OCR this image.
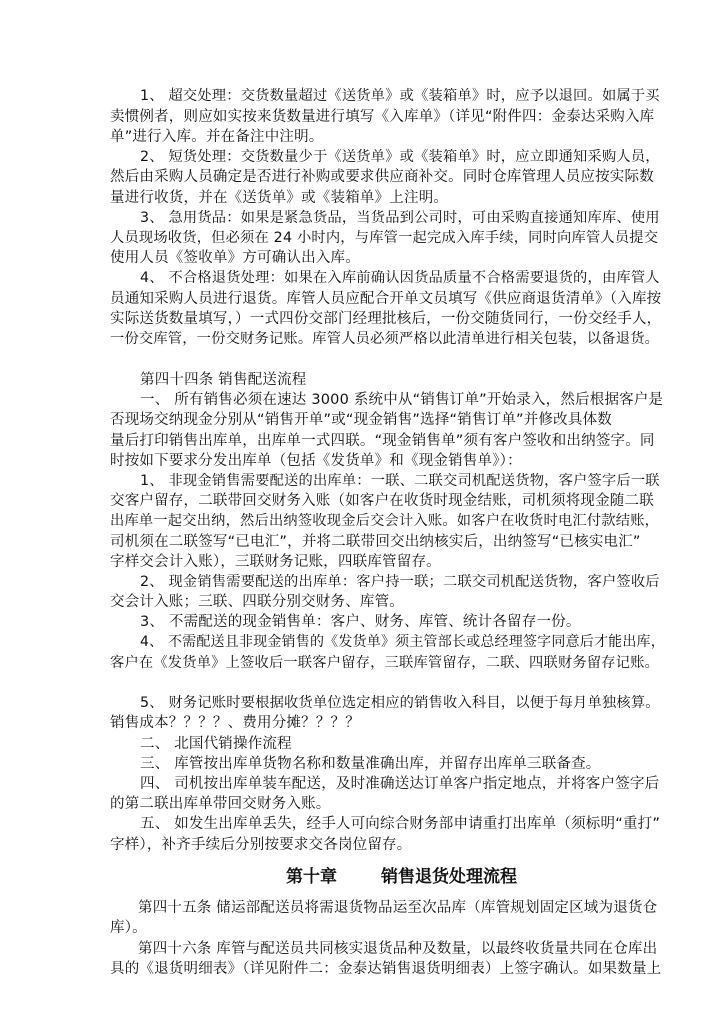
1、 超交处理：交货数量超过《送货单》或《装箱单》时，应予以退回。如属于买

卖惯例者，则应如实按来货数量进行填写《入库单》（详见“附件四：金泰达采购入库

单”进行入库。并在备注中注明。

2、 短货处理：交货数量少于《送货单》或《装箱单》时，应立即通知采购人员，

然后由采购人员确定是否进行补购或要求供应商补交。同时仓库管理人员应按实际数

量进行收货，并在《送货单》或《装箱单》上注明。

3、 急用货品：如果是紧急货品，当货品到公司时，可由采购直接通知库库、使用

人员现场收货，但必须在 24 小时内，与库管一起完成入库手续，同时向库管人员提交

使用人员《签收单》方可确认出入库。

4、 不合格退货处理：如果在入库前确认因货品质量不合格需要退货的，由库管人

员通知采购人员进行退货。库管人员应配合开单文员填写《供应商退货清单》（入库按

实际送货数量填写，）一式四份交部门经理批核后，一份交随货同行，一份交经手人，

一份交库管，一份交财务记账。库管人员必须严格以此清单进行相关包装，以备退货。

第四十四条 销售配送流程

一、 所有销售必须在速达 3000 系统中从“销售订单”开始录入，然后根据客户是

否现场交纳现金分别从“销售开单”或“现金销售”选择“销售订单”并修改具体数

量后打印销售出库单，出库单一式四联。“现金销售单”须有客户签收和出纳签字。同

时按如下要求分发出库单（包括《发货单》和《现金销售单》）：

1、 非现金销售需要配送的出库单：一联、二联交司机配送货物，客户签字后一联

交客户留存，二联带回交财务入账（如客户在收货时现金结账，司机须将现金随二联

出库单一起交出纳，然后出纳签收现金后交会计入账。如客户在收货时电汇付款结账，

司机须在二联签写“已电汇”，并将二联带回交出纳核实后，出纳签写“已核实电汇”

字样交会计入账），三联财务记账，四联库管留存。

2、 现金销售需要配送的出库单：客户持一联；二联交司机配送货物，客户签收后

交会计入账；三联、四联分别交财务、库管。

3、 不需配送的现金销售单：客户、财务、库管、统计各留存一份。

4、 不需配送且非现金销售的《发货单》须主管部长或总经理签字同意后才能出库，

客户在《发货单》上签收后一联客户留存，三联库管留存，二联、四联财务留存记账。

5、 财务记账时要根据收货单位选定相应的销售收入科目，以便于每月单独核算。

销售成本？？？？、费用分摊？？？？

二、 北国代销操作流程

三、 库管按出库单货物名称和数量准确出库，并留存出库单三联备查。

四、 司机按出库单装车配送，及时准确送达订单客户指定地点，并将客户签字后

的第二联出库单带回交财务入账。

五、 如发生出库单丢失，经手人可向综合财务部申请重打出库单（须标明“重打”

字样），补齐手续后分别按要求交各岗位留存。

第十章	销售退货处理流程

第四十五条 储运部配送员将需退货物品运至次品库（库管规划固定区域为退货仓

库）。

第四十六条 库管与配送员共同核实退货品种及数量，以最终收货量共同在仓库出

具的《退货明细表》（详见附件二：金泰达销售退货明细表）上签字确认。如果数量上
